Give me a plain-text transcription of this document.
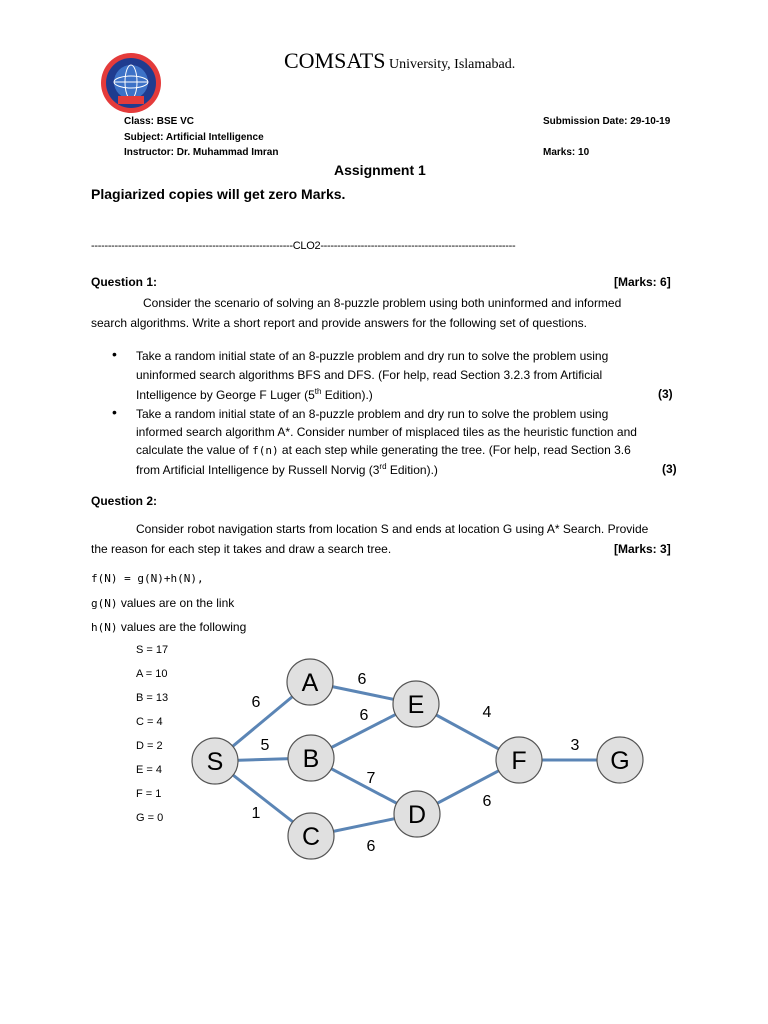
COMSATS University, Islamabad.
Class: BSE VC
Subject: Artificial Intelligence
Instructor: Dr. Muhammad Imran
Submission Date: 29-10-19
Marks: 10
Assignment 1
Plagiarized copies will get zero Marks.
------------------------------------------------------------CLO2----------------------------------------------------------
Question 1:	[Marks: 6]
Consider the scenario of solving an 8-puzzle problem using both uninformed and informed
search algorithms. Write a short report and provide answers for the following set of questions.
• Take a random initial state of an 8-puzzle problem and dry run to solve the problem using
uninformed search algorithms BFS and DFS. (For help, read Section 3.2.3 from Artificial
Intelligence by George F Luger (5th Edition).)	(3)
• Take a random initial state of an 8-puzzle problem and dry run to solve the problem using
informed search algorithm A*. Consider number of misplaced tiles as the heuristic function and
calculate the value of f(n) at each step while generating the tree. (For help, read Section 3.6
from Artificial Intelligence by Russell Norvig (3rd Edition).)	(3)
Question 2:
Consider robot navigation starts from location S and ends at location G using A* Search. Provide
the reason for each step it takes and draw a search tree.	[Marks: 3]
f(N) = g(N)+h(N),
g(N) values are on the link
h(N) values are the following
S = 17
A = 10
B = 13
C = 4
D = 2
E = 4
F = 1
G = 0
S
A
B
C
E
D
F	G
6
5
1
6
6
7
6
4
6
3
